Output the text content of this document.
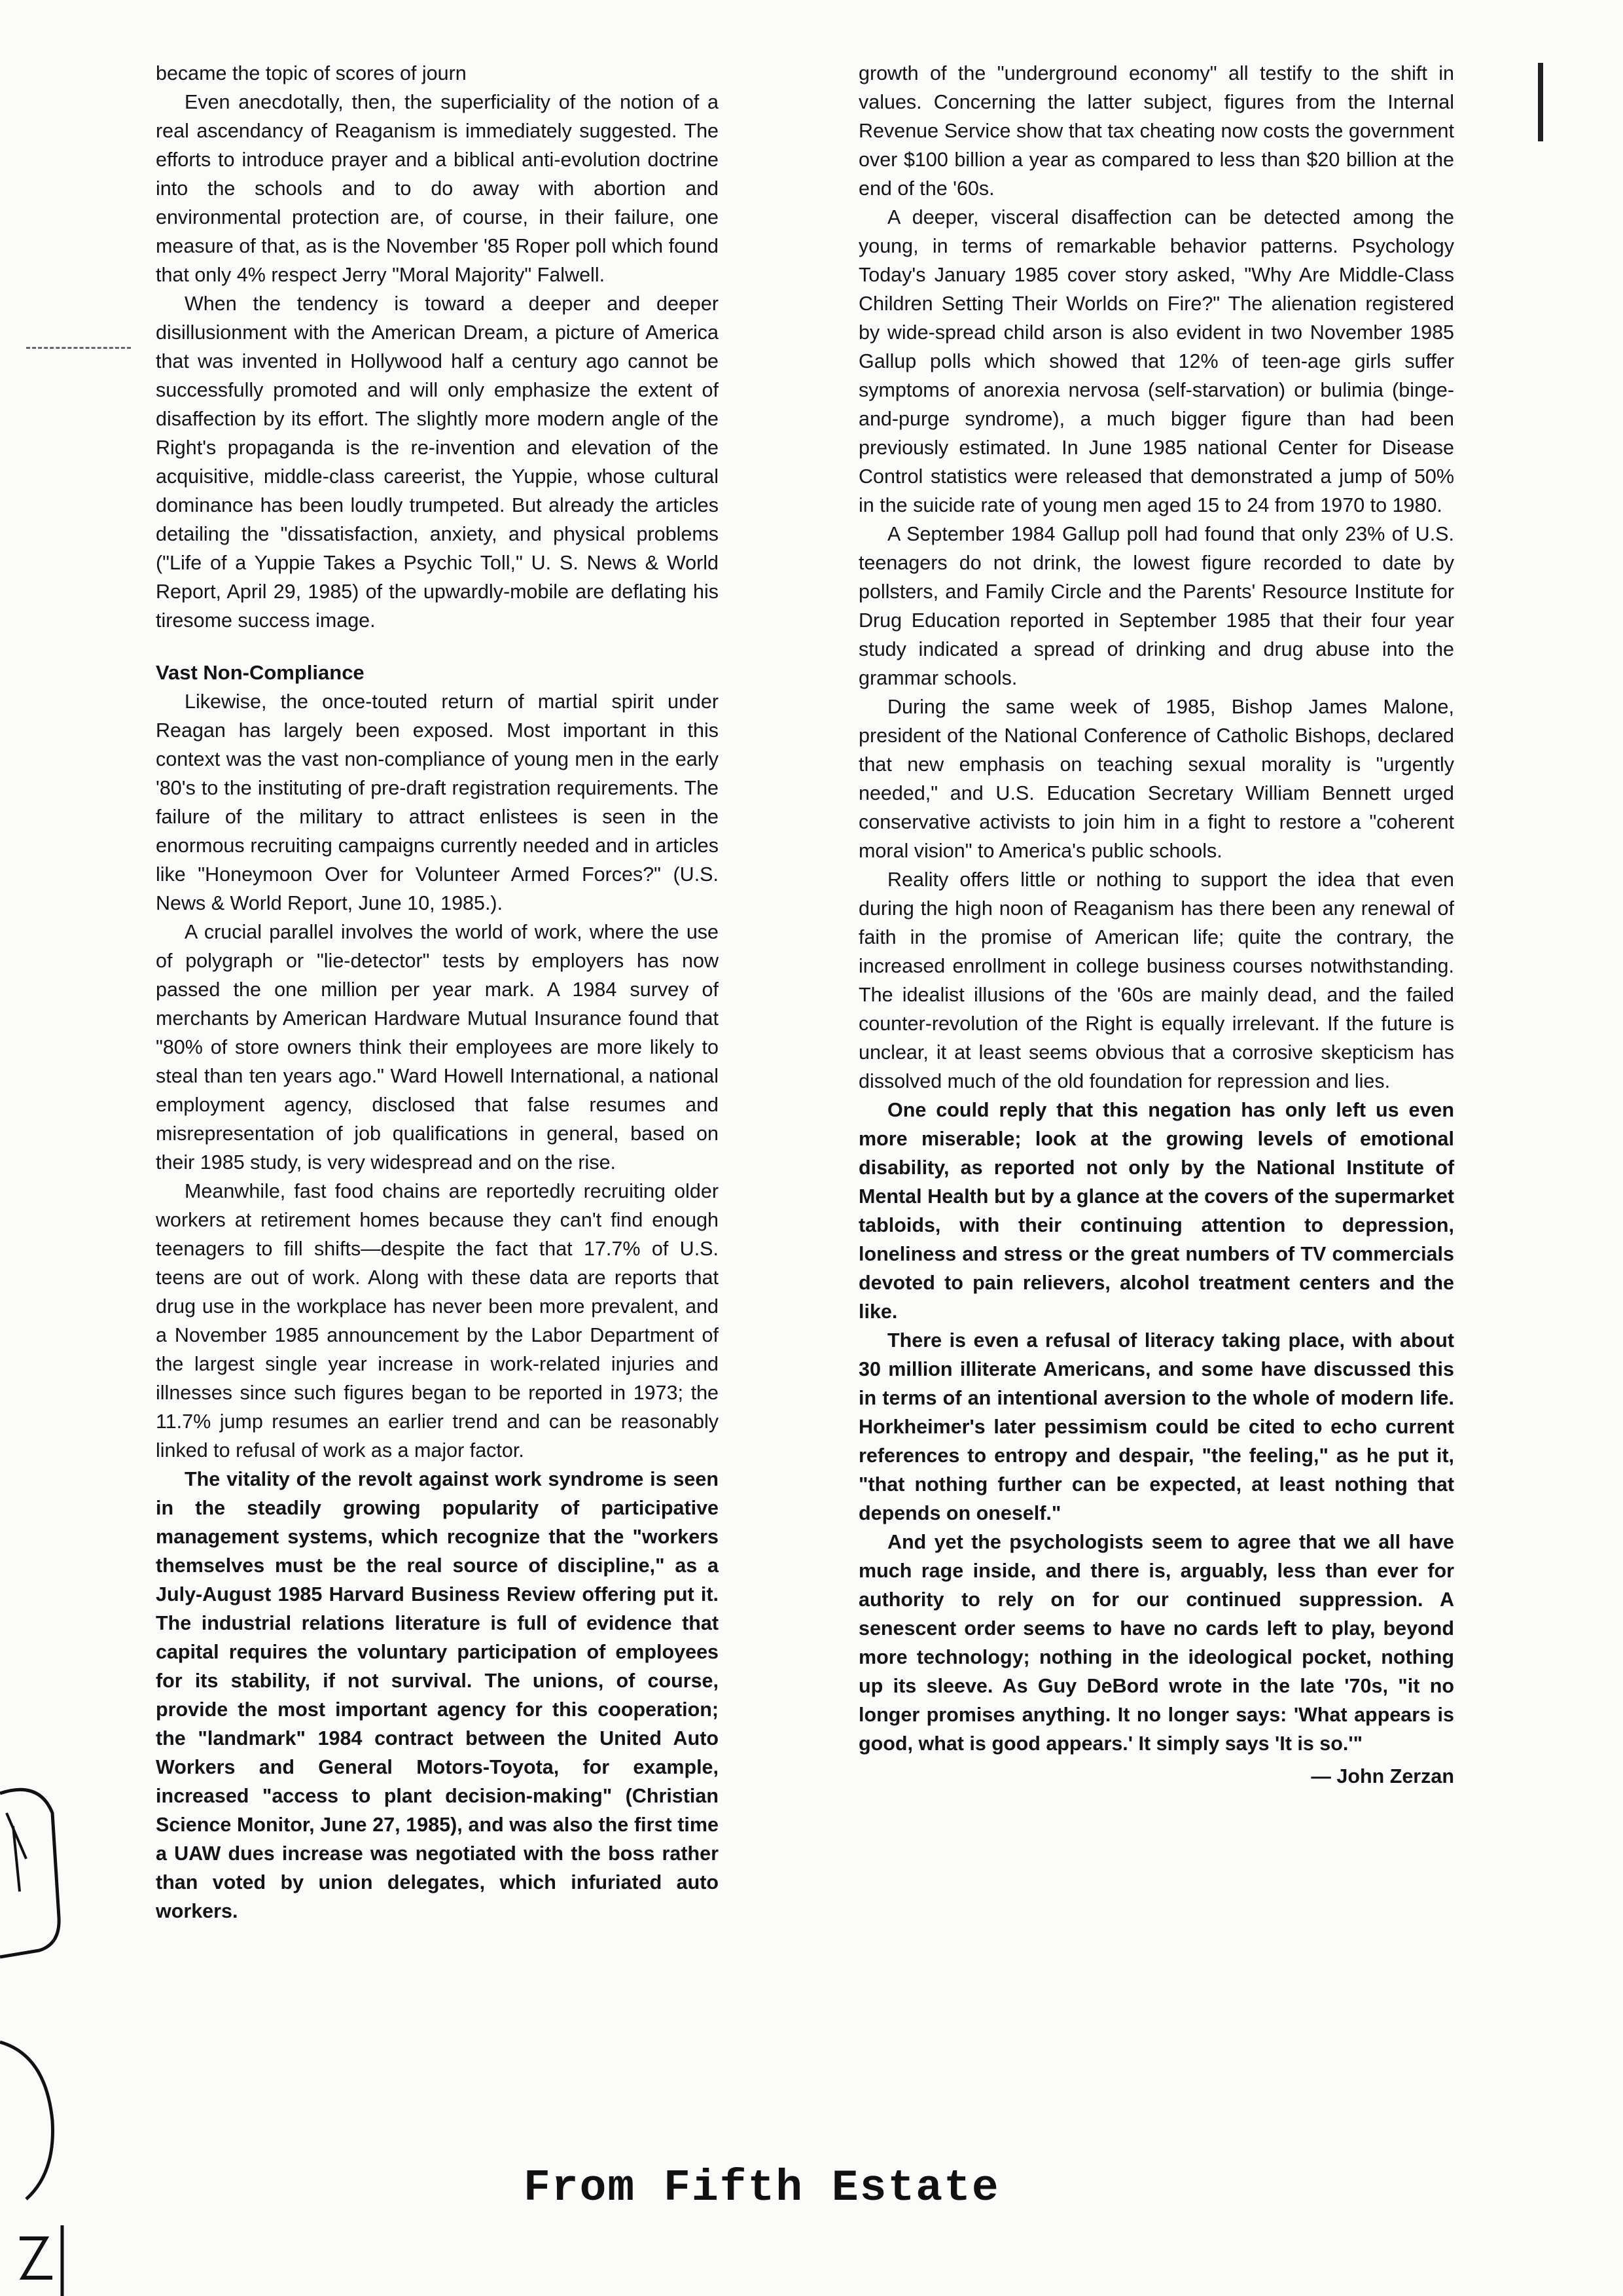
became the topic of scores of journ

Even anecdotally, then, the superficiality of the notion of a real ascendancy of Reaganism is immediately suggested. The efforts to introduce prayer and a biblical anti-evolution doctrine into the schools and to do away with abortion and environmental protection are, of course, in their failure, one measure of that, as is the November '85 Roper poll which found that only 4% respect Jerry "Moral Majority" Falwell.

When the tendency is toward a deeper and deeper disillusionment with the American Dream, a picture of America that was invented in Hollywood half a century ago cannot be successfully promoted and will only emphasize the extent of disaffection by its effort. The slightly more modern angle of the Right's propaganda is the re-invention and elevation of the acquisitive, middle-class careerist, the Yuppie, whose cultural dominance has been loudly trumpeted. But already the articles detailing the "dissatisfaction, anxiety, and physical problems ("Life of a Yuppie Takes a Psychic Toll," U. S. News & World Report, April 29, 1985) of the upwardly-mobile are deflating his tiresome success image.

Vast Non-Compliance

Likewise, the once-touted return of martial spirit under Reagan has largely been exposed. Most important in this context was the vast non-compliance of young men in the early '80's to the instituting of pre-draft registration requirements. The failure of the military to attract enlistees is seen in the enormous recruiting campaigns currently needed and in articles like "Honeymoon Over for Volunteer Armed Forces?" (U.S. News & World Report, June 10, 1985.).

A crucial parallel involves the world of work, where the use of polygraph or "lie-detector" tests by employers has now passed the one million per year mark. A 1984 survey of merchants by American Hardware Mutual Insurance found that "80% of store owners think their employees are more likely to steal than ten years ago." Ward Howell International, a national employment agency, disclosed that false resumes and misrepresentation of job qualifications in general, based on their 1985 study, is very widespread and on the rise.

Meanwhile, fast food chains are reportedly recruiting older workers at retirement homes because they can't find enough teenagers to fill shifts—despite the fact that 17.7% of U.S. teens are out of work. Along with these data are reports that drug use in the workplace has never been more prevalent, and a November 1985 announcement by the Labor Department of the largest single year increase in work-related injuries and illnesses since such figures began to be reported in 1973; the 11.7% jump resumes an earlier trend and can be reasonably linked to refusal of work as a major factor.

The vitality of the revolt against work syndrome is seen in the steadily growing popularity of participative management systems, which recognize that the "workers themselves must be the real source of discipline," as a July-August 1985 Harvard Business Review offering put it. The industrial relations literature is full of evidence that capital requires the voluntary participation of employees for its stability, if not survival. The unions, of course, provide the most important agency for this cooperation; the "landmark" 1984 contract between the United Auto Workers and General Motors-Toyota, for example, increased "access to plant decision-making" (Christian Science Monitor, June 27, 1985), and was also the first time a UAW dues increase was negotiated with the boss rather than voted by union delegates, which infuriated auto workers.

growth of the "underground economy" all testify to the shift in values. Concerning the latter subject, figures from the Internal Revenue Service show that tax cheating now costs the government over $100 billion a year as compared to less than $20 billion at the end of the '60s.

A deeper, visceral disaffection can be detected among the young, in terms of remarkable behavior patterns. Psychology Today's January 1985 cover story asked, "Why Are Middle-Class Children Setting Their Worlds on Fire?" The alienation registered by wide-spread child arson is also evident in two November 1985 Gallup polls which showed that 12% of teen-age girls suffer symptoms of anorexia nervosa (self-starvation) or bulimia (binge-and-purge syndrome), a much bigger figure than had been previously estimated. In June 1985 national Center for Disease Control statistics were released that demonstrated a jump of 50% in the suicide rate of young men aged 15 to 24 from 1970 to 1980.

A September 1984 Gallup poll had found that only 23% of U.S. teenagers do not drink, the lowest figure recorded to date by pollsters, and Family Circle and the Parents' Resource Institute for Drug Education reported in September 1985 that their four year study indicated a spread of drinking and drug abuse into the grammar schools.

During the same week of 1985, Bishop James Malone, president of the National Conference of Catholic Bishops, declared that new emphasis on teaching sexual morality is "urgently needed," and U.S. Education Secretary William Bennett urged conservative activists to join him in a fight to restore a "coherent moral vision" to America's public schools.

Reality offers little or nothing to support the idea that even during the high noon of Reaganism has there been any renewal of faith in the promise of American life; quite the contrary, the increased enrollment in college business courses notwithstanding. The idealist illusions of the '60s are mainly dead, and the failed counter-revolution of the Right is equally irrelevant. If the future is unclear, it at least seems obvious that a corrosive skepticism has dissolved much of the old foundation for repression and lies.

One could reply that this negation has only left us even more miserable; look at the growing levels of emotional disability, as reported not only by the National Institute of Mental Health but by a glance at the covers of the supermarket tabloids, with their continuing attention to depression, loneliness and stress or the great numbers of TV commercials devoted to pain relievers, alcohol treatment centers and the like.

There is even a refusal of literacy taking place, with about 30 million illiterate Americans, and some have discussed this in terms of an intentional aversion to the whole of modern life. Horkheimer's later pessimism could be cited to echo current references to entropy and despair, "the feeling," as he put it, "that nothing further can be expected, at least nothing that depends on oneself."

And yet the psychologists seem to agree that we all have much rage inside, and there is, arguably, less than ever for authority to rely on for our continued suppression. A senescent order seems to have no cards left to play, beyond more technology; nothing in the ideological pocket, nothing up its sleeve. As Guy DeBord wrote in the late '70s, "it no longer promises anything. It no longer says: 'What appears is good, what is good appears.' It simply says 'It is so.'"

— John Zerzan

From Fifth Estate
